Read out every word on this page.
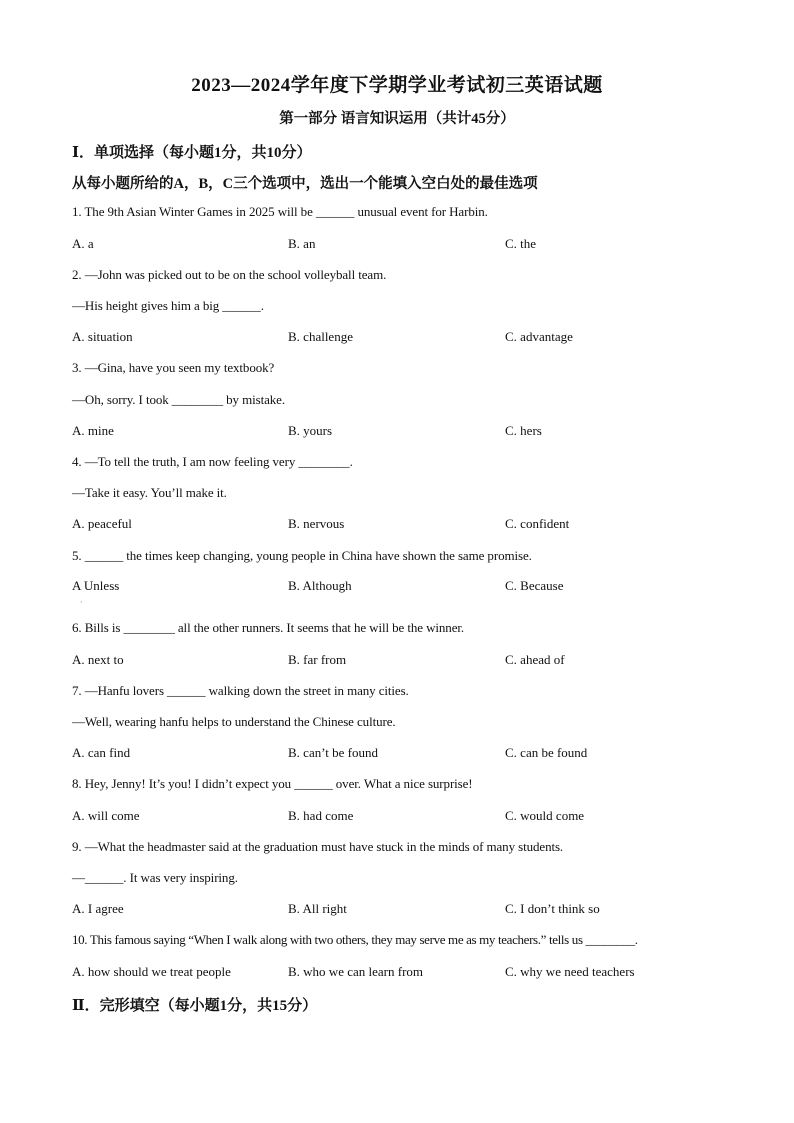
2023—2024学年度下学期学业考试初三英语试题
第一部分 语言知识运用（共计45分）
Ⅰ．单项选择（每小题1分，共10分）
从每小题所给的A，B，C三个选项中，选出一个能填入空白处的最佳选项
1. The 9th Asian Winter Games in 2025 will be ______ unusual event for Harbin.
A. a	B. an	C. the
2. —John was picked out to be on the school volleyball team.
—His height gives him a big ______.
A. situation	B. challenge	C. advantage
3. —Gina, have you seen my textbook?
—Oh, sorry. I took ________ by mistake.
A. mine	B. yours	C. hers
4. —To tell the truth, I am now feeling very ________.
—Take it easy. You’ll make it.
A. peaceful	B. nervous	C. confident
5. ______ the times keep changing, young people in China have shown the same promise.
A Unless	B. Although	C. Because
·
6. Bills is ________ all the other runners. It seems that he will be the winner.
A. next to	B. far from	C. ahead of
7. —Hanfu lovers ______ walking down the street in many cities.
—Well, wearing hanfu helps to understand the Chinese culture.
A. can find	B. can’t be found	C. can be found
8. Hey, Jenny! It’s you! I didn’t expect you ______ over. What a nice surprise!
A. will come	B. had come	C. would come
9. —What the headmaster said at the graduation must have stuck in the minds of many students.
—______. It was very inspiring.
A. I agree	B. All right	C. I don’t think so
10. This famous saying “When I walk along with two others, they may serve me as my teachers.” tells us ________.
A. how should we treat people	B. who we can learn from	C. why we need teachers
Ⅱ．完形填空（每小题1分，共15分）
